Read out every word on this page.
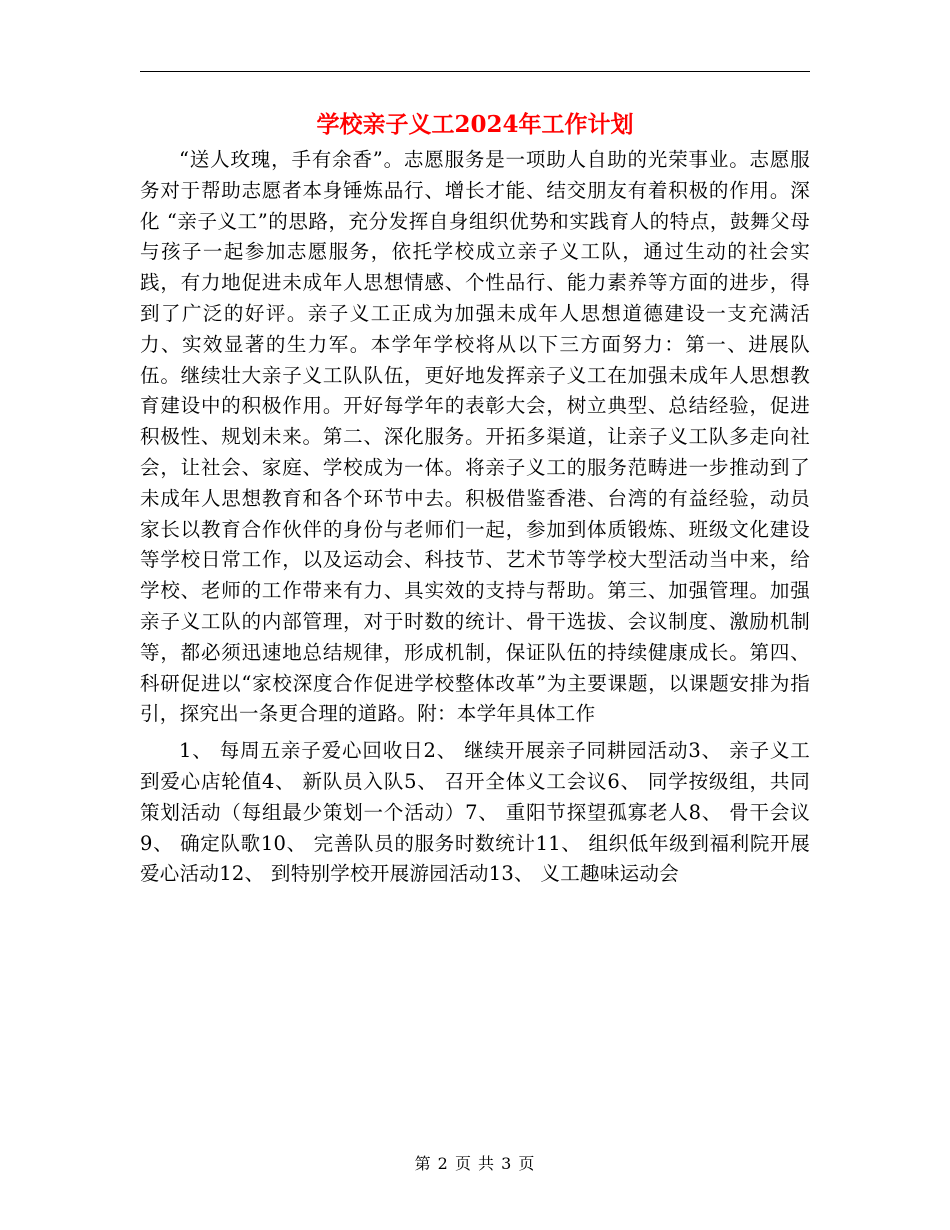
学校亲子义工2024年工作计划

“送人玫瑰，手有余香”。志愿服务是一项助人自助的光荣事业。志愿服务对于帮助志愿者本身锤炼品行、增长才能、结交朋友有着积极的作用。深化 “亲子义工”的思路，充分发挥自身组织优势和实践育人的特点，鼓舞父母与孩子一起参加志愿服务，依托学校成立亲子义工队，通过生动的社会实践，有力地促进未成年人思想情感、个性品行、能力素养等方面的进步，得到了广泛的好评。亲子义工正成为加强未成年人思想道德建设一支充满活力、实效显著的生力军。本学年学校将从以下三方面努力：第一、进展队伍。继续壮大亲子义工队队伍，更好地发挥亲子义工在加强未成年人思想教育建设中的积极作用。开好每学年的表彰大会，树立典型、总结经验，促进积极性、规划未来。第二、深化服务。开拓多渠道，让亲子义工队多走向社会，让社会、家庭、学校成为一体。将亲子义工的服务范畴进一步推动到了未成年人思想教育和各个环节中去。积极借鉴香港、台湾的有益经验，动员家长以教育合作伙伴的身份与老师们一起，参加到体质锻炼、班级文化建设等学校日常工作，以及运动会、科技节、艺术节等学校大型活动当中来，给学校、老师的工作带来有力、具实效的支持与帮助。第三、加强管理。加强亲子义工队的内部管理，对于时数的统计、骨干选拔、会议制度、激励机制等，都必须迅速地总结规律，形成机制，保证队伍的持续健康成长。第四、科研促进以“家校深度合作促进学校整体改革”为主要课题，以课题安排为指引，探究出一条更合理的道路。附：本学年具体工作

1、 每周五亲子爱心回收日2、 继续开展亲子同耕园活动3、 亲子义工到爱心店轮值4、 新队员入队5、 召开全体义工会议6、 同学按级组，共同策划活动（每组最少策划一个活动）7、 重阳节探望孤寡老人8、 骨干会议9、 确定队歌10、 完善队员的服务时数统计11、 组织低年级到福利院开展爱心活动12、 到特别学校开展游园活动13、 义工趣味运动会

第 2 页 共 3 页
